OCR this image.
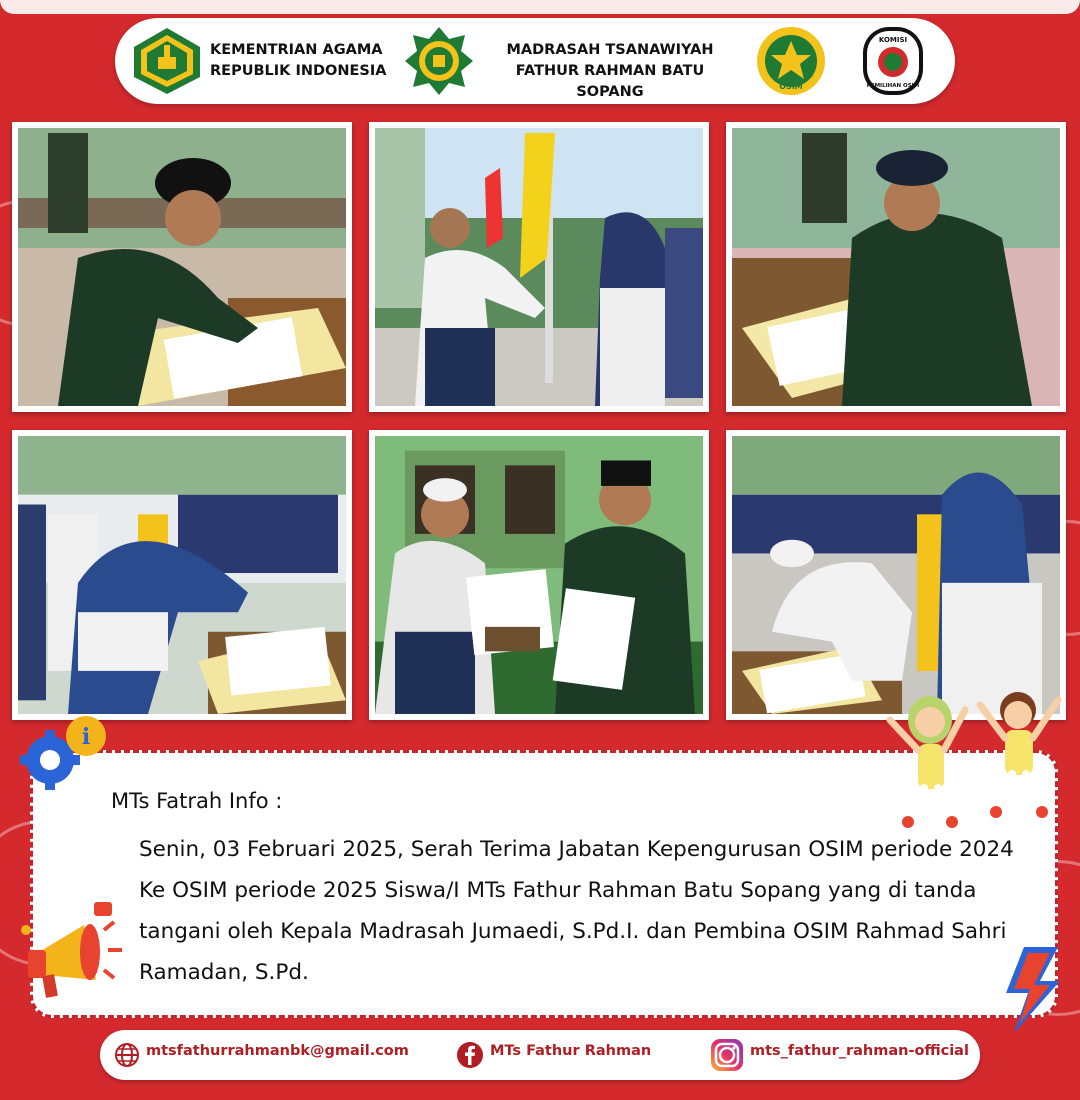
KEMENTRIAN AGAMA
REPUBLIK INDONESIA
MADRASAH TSANAWIYAH
FATHUR RAHMAN BATU SOPANG	OSIM
KOMISI
PEMILIHAN OSIM
MTs Fatrah Info :
Senin, 03 Februari 2025, Serah Terima Jabatan Kepengurusan OSIM periode 2024 Ke OSIM periode 2025 Siswa/I MTs Fathur Rahman Batu Sopang yang di tanda tangani oleh Kepala Madrasah Jumaedi, S.Pd.I. dan Pembina OSIM Rahmad Sahri Ramadan, S.Pd.
i
mtsfathurrahmanbk@gmail.com	MTs Fathur Rahman	mts_fathur_rahman-official
